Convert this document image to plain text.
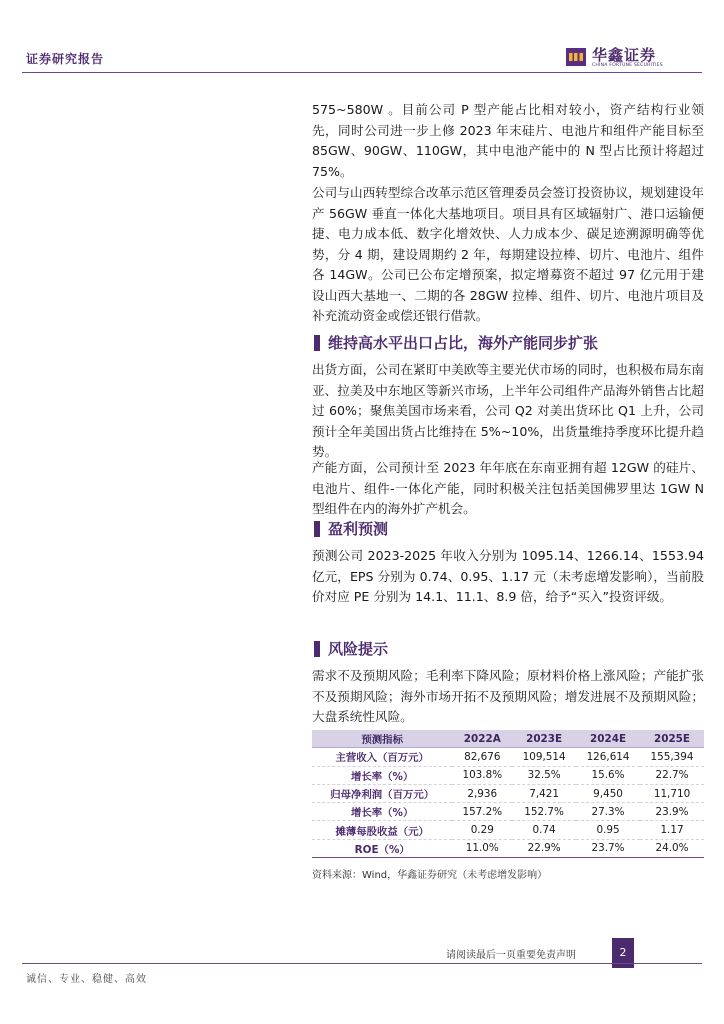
证券研究报告	华鑫证券
CHINA FORTUNE SECURITIES

575~580W 。目前公司 P 型产能占比相对较小，资产结构行业领先，同时公司进一步上修 2023 年末硅片、电池片和组件产能目标至 85GW、90GW、110GW，其中电池产能中的 N 型占比预计将超过 75%。

公司与山西转型综合改革示范区管理委员会签订投资协议，规划建设年产 56GW 垂直一体化大基地项目。项目具有区域辐射广、港口运输便捷、电力成本低、数字化增效快、人力成本少、碳足迹溯源明确等优势，分 4 期，建设周期约 2 年，每期建设拉棒、切片、电池片、组件各 14GW。公司已公布定增预案，拟定增募资不超过 97 亿元用于建设山西大基地一、二期的各 28GW 拉棒、组件、切片、电池片项目及补充流动资金或偿还银行借款。

维持高水平出口占比，海外产能同步扩张

出货方面，公司在紧盯中美欧等主要光伏市场的同时，也积极布局东南亚、拉美及中东地区等新兴市场，上半年公司组件产品海外销售占比超过 60%；聚焦美国市场来看，公司 Q2 对美出货环比 Q1 上升，公司预计全年美国出货占比维持在 5%~10%，出货量维持季度环比提升趋势。

产能方面，公司预计至 2023 年年底在东南亚拥有超 12GW 的硅片、电池片、组件-一体化产能，同时积极关注包括美国佛罗里达 1GW N 型组件在内的海外扩产机会。

盈利预测

预测公司 2023-2025 年收入分别为 1095.14、1266.14、1553.94 亿元，EPS 分别为 0.74、0.95、1.17 元（未考虑增发影响），当前股价对应 PE 分别为 14.1、11.1、8.9 倍，给予“买入”投资评级。

风险提示

需求不及预期风险；毛利率下降风险；原材料价格上涨风险；产能扩张不及预期风险；海外市场开拓不及预期风险；增发进展不及预期风险；大盘系统性风险。

预测指标	2022A	2023E	2024E	2025E
主营收入（百万元）	82,676	109,514	126,614	155,394
增长率（%）	103.8%	32.5%	15.6%	22.7%
归母净利润（百万元）	2,936	7,421	9,450	11,710
增长率（%）	157.2%	152.7%	27.3%	23.9%
摊薄每股收益（元）	0.29	0.74	0.95	1.17
ROE（%）	11.0%	22.9%	23.7%	24.0%
资料来源：Wind，华鑫证券研究（未考虑增发影响）
请阅读最后一页重要免责声明	2
诚信、专业、稳健、高效
